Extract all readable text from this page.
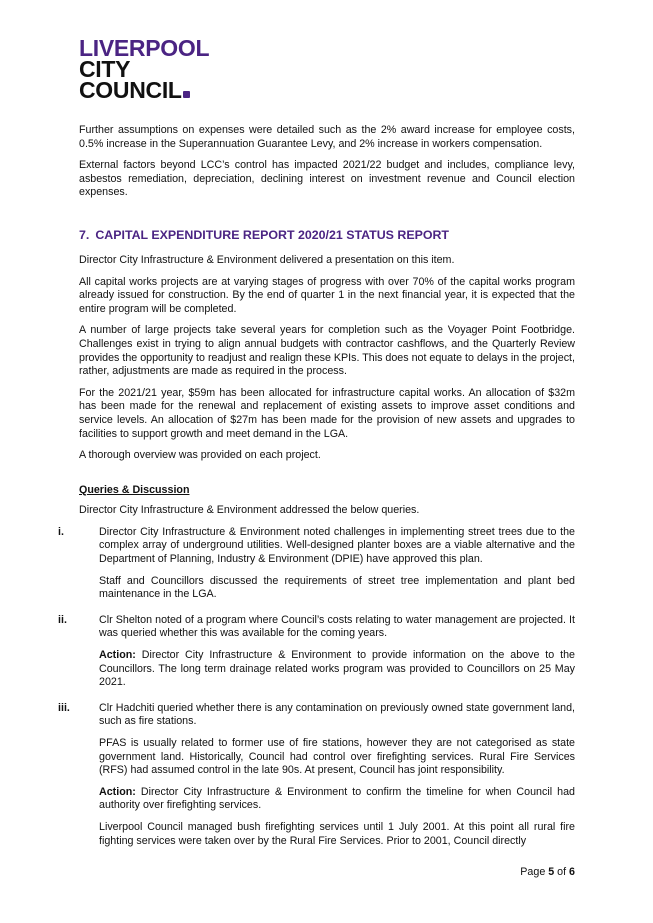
LIVERPOOL
CITY
COUNCIL

Further assumptions on expenses were detailed such as the 2% award increase for employee costs, 0.5% increase in the Superannuation Guarantee Levy, and 2% increase in workers compensation.

External factors beyond LCC’s control has impacted 2021/22 budget and includes, compliance levy, asbestos remediation, depreciation, declining interest on investment revenue and Council election expenses.

7. CAPITAL EXPENDITURE REPORT 2020/21 STATUS REPORT

Director City Infrastructure & Environment delivered a presentation on this item.

All capital works projects are at varying stages of progress with over 70% of the capital works program already issued for construction. By the end of quarter 1 in the next financial year, it is expected that the entire program will be completed.

A number of large projects take several years for completion such as the Voyager Point Footbridge. Challenges exist in trying to align annual budgets with contractor cashflows, and the Quarterly Review provides the opportunity to readjust and realign these KPIs. This does not equate to delays in the project, rather, adjustments are made as required in the process.

For the 2021/21 year, $59m has been allocated for infrastructure capital works. An allocation of $32m has been made for the renewal and replacement of existing assets to improve asset conditions and service levels. An allocation of $27m has been made for the provision of new assets and upgrades to facilities to support growth and meet demand in the LGA.

A thorough overview was provided on each project.

Queries & Discussion

Director City Infrastructure & Environment addressed the below queries.

i.	Director City Infrastructure & Environment noted challenges in implementing street trees due to the complex array of underground utilities. Well-designed planter boxes are a viable alternative and the Department of Planning, Industry & Environment (DPIE) have approved this plan.

Staff and Councillors discussed the requirements of street tree implementation and plant bed maintenance in the LGA.

ii.	Clr Shelton noted of a program where Council’s costs relating to water management are projected. It was queried whether this was available for the coming years.

Action: Director City Infrastructure & Environment to provide information on the above to the Councillors. The long term drainage related works program was provided to Councillors on 25 May 2021.

iii.	Clr Hadchiti queried whether there is any contamination on previously owned state government land, such as fire stations.

PFAS is usually related to former use of fire stations, however they are not categorised as state government land. Historically, Council had control over firefighting services. Rural Fire Services (RFS) had assumed control in the late 90s. At present, Council has joint responsibility.

Action: Director City Infrastructure & Environment to confirm the timeline for when Council had authority over firefighting services.

Liverpool Council managed bush firefighting services until 1 July 2001. At this point all rural fire fighting services were taken over by the Rural Fire Services. Prior to 2001, Council directly

Page 5 of 6
